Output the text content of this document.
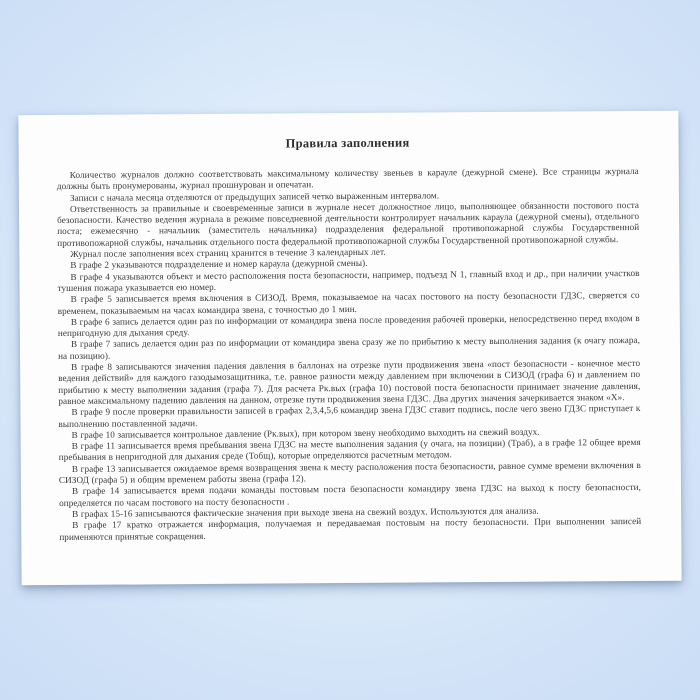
Правила заполнения

Количество журналов должно соответствовать максимальному количеству звеньев в карауле (дежурной смене). Все страницы журнала должны быть пронумерованы, журнал прошнурован и опечатан.

Записи с начала месяца отделяются от предыдущих записей четко выраженным интервалом.

Ответственность за правильные и своевременные записи в журнале несет должностное лицо, выполняющее обязанности постового поста безопасности. Качество ведения журнала в режиме повседневной деятельности контролирует начальник караула (дежурной смены), отдельного поста; ежемесячно - начальник (заместитель начальника) подразделения федеральной противопожарной службы Государственной противопожарной службы, начальник отдельного поста федеральной противопожарной службы Государственной противопожарной службы.

Журнал после заполнения всех страниц хранится в течение 3 календарных лет.

В графе 2 указываются подразделение и номер караула (дежурной смены).

В графе 4 указываются объект и место расположения поста безопасности, например, подъезд N 1, главный вход и др., при наличии участков тушения пожара указывается ею номер.

В графе 5 записывается время включения в СИЗОД. Время, показываемое на часах постового на посту безопасности ГДЗС, сверяется со временем, показываемым на часах командира звена, с точностью до 1 мин.

В графе 6 запись делается один раз по информации от командира звена после проведения рабочей проверки, непосредственно перед входом в непригодную для дыхания среду.

В графе 7 запись делается один раз по информации от командира звена сразу же по прибытию к месту выполнения задания (к очагу пожара, на позицию).

В графе 8 записываются значения падения давления в баллонах на отрезке пути продвижения звена «пост безопасности - конечное место ведения действий» для каждого газодымозащитника, т.е. равное разности между давлением при включении в СИЗОД (графа 6) и давлением по прибытию к месту выполнении задания (графа 7). Для расчета Рк.вых (графа 10) постовой поста безопасности принимает значение давления, равное максимальному падению давления на данном, отрезке пути продвижения звена ГДЗС. Два других значения зачеркивается знаком «Х».

В графе 9 после проверки правильности записей в графах 2,3,4,5,6 командир звена ГДЗС ставит подпись, после чего звено ГДЗС приступает к выполнению поставленной задачи.

В графе 10 записывается контрольное давление (Рк.вых), при котором звену необходимо выходить на свежий воздух.

В графе 11 записывается время пребывания звена ГДЗС на месте выполнения задания (у очага, на позиции) (Траб), а в графе 12 общее время пребывания в непригодной для дыхания среде (Тобщ), которые определяются расчетным методом.

В графе 13 записывается ожидаемое время возвращения звена к месту расположения поста безопасности, равное сумме времени включения в СИЗОД (графа 5) и общим временем работы звена (графа 12).

В графе 14 записывается время подачи команды постовым поста безопасности командиру звена ГДЗС на выход к посту безопасности, определяется по часам постового на посту безопасности .

В графах 15-16 записываются фактические значения при выходе звена на свежий воздух. Используются для анализа.

В графе 17 кратко отражается информация, получаемая и передаваемая постовым на посту безопасности. При выполнении записей применяются принятые сокращения.
